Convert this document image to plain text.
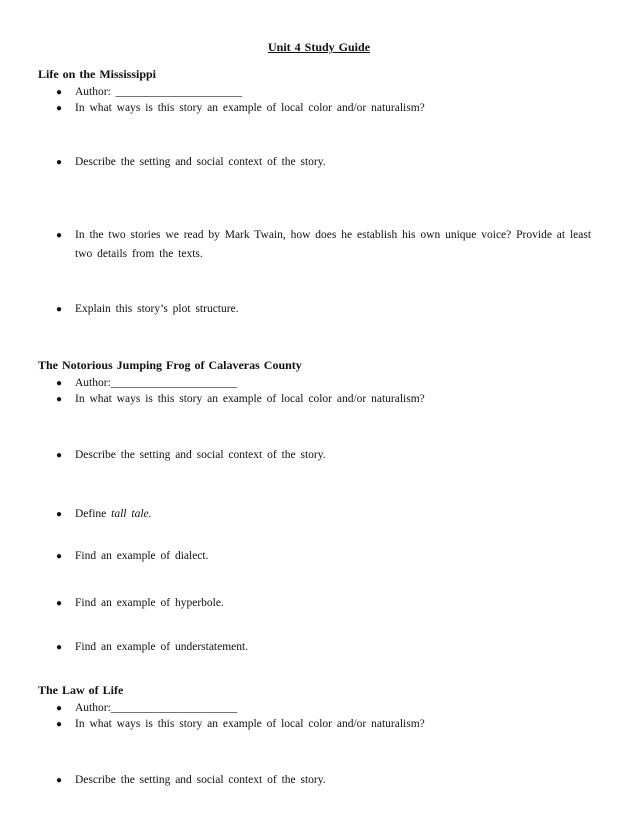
Unit 4 Study Guide
Life on the Mississippi
● Author: ______________________
● In what ways is this story an example of local color and/or naturalism?
● Describe the setting and social context of the story.
● In the two stories we read by Mark Twain, how does he establish his own unique voice? Provide at least two details from the texts.
● Explain this story’s plot structure.
The Notorious Jumping Frog of Calaveras County
● Author:______________________
● In what ways is this story an example of local color and/or naturalism?
● Describe the setting and social context of the story.
● Define tall tale.
● Find an example of dialect.
● Find an example of hyperbole.
● Find an example of understatement.
The Law of Life
● Author:______________________
● In what ways is this story an example of local color and/or naturalism?
● Describe the setting and social context of the story.
